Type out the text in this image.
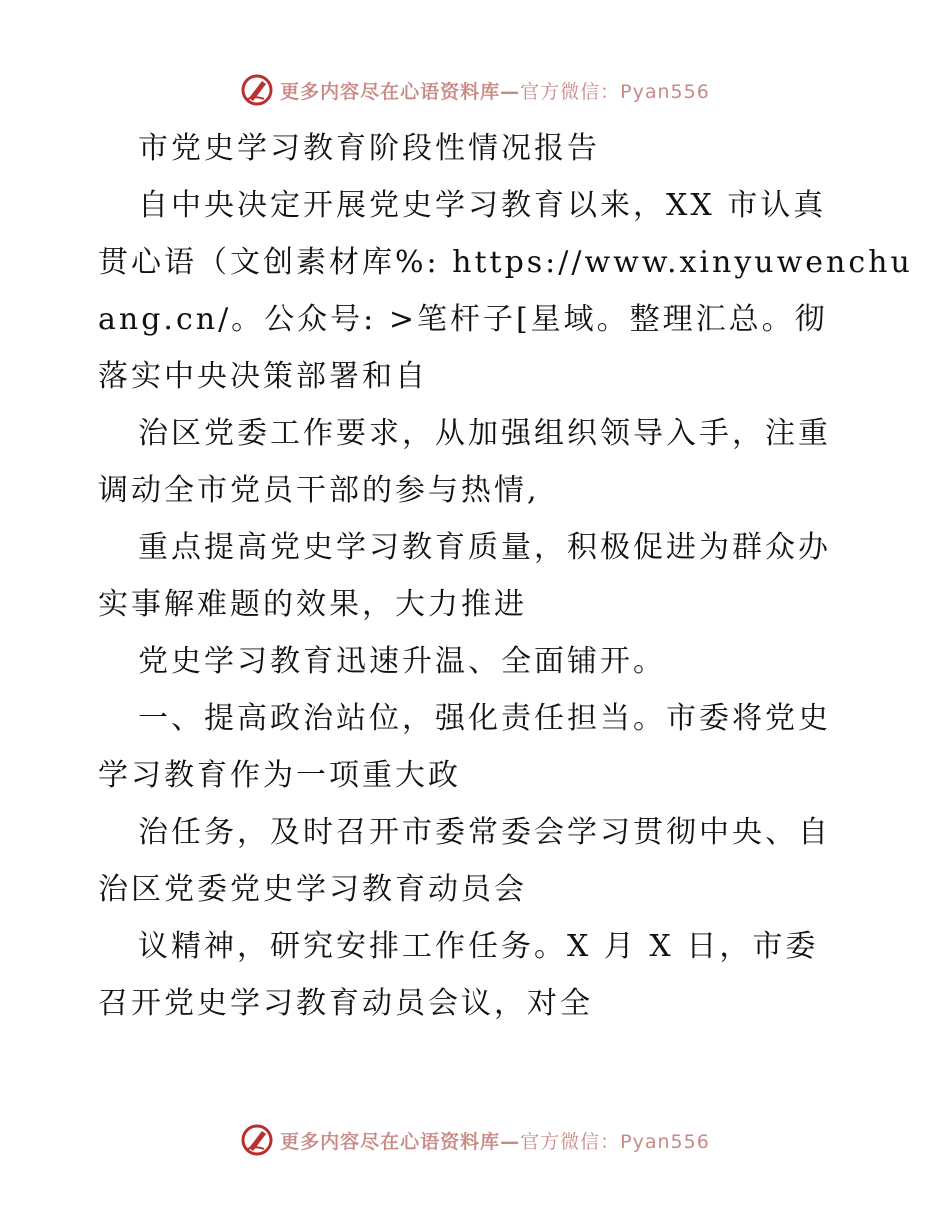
更多内容尽在心语资料库—官方微信：Pyan556
市党史学习教育阶段性情况报告
自中央决定开展党史学习教育以来，XX 市认真
贯心语（文创素材库%: https://www.xinyuwenchu
ang.cn/。公众号: >笔杆子[星域。整理汇总。彻
落实中央决策部署和自
治区党委工作要求，从加强组织领导入手，注重
调动全市党员干部的参与热情,
重点提高党史学习教育质量，积极促进为群众办
实事解难题的效果，大力推进
党史学习教育迅速升温、全面铺开。
一、提高政治站位，强化责任担当。市委将党史
学习教育作为一项重大政
治任务，及时召开市委常委会学习贯彻中央、自
治区党委党史学习教育动员会
议精神，研究安排工作任务。X 月 X 日，市委
召开党史学习教育动员会议，对全
更多内容尽在心语资料库—官方微信：Pyan556
